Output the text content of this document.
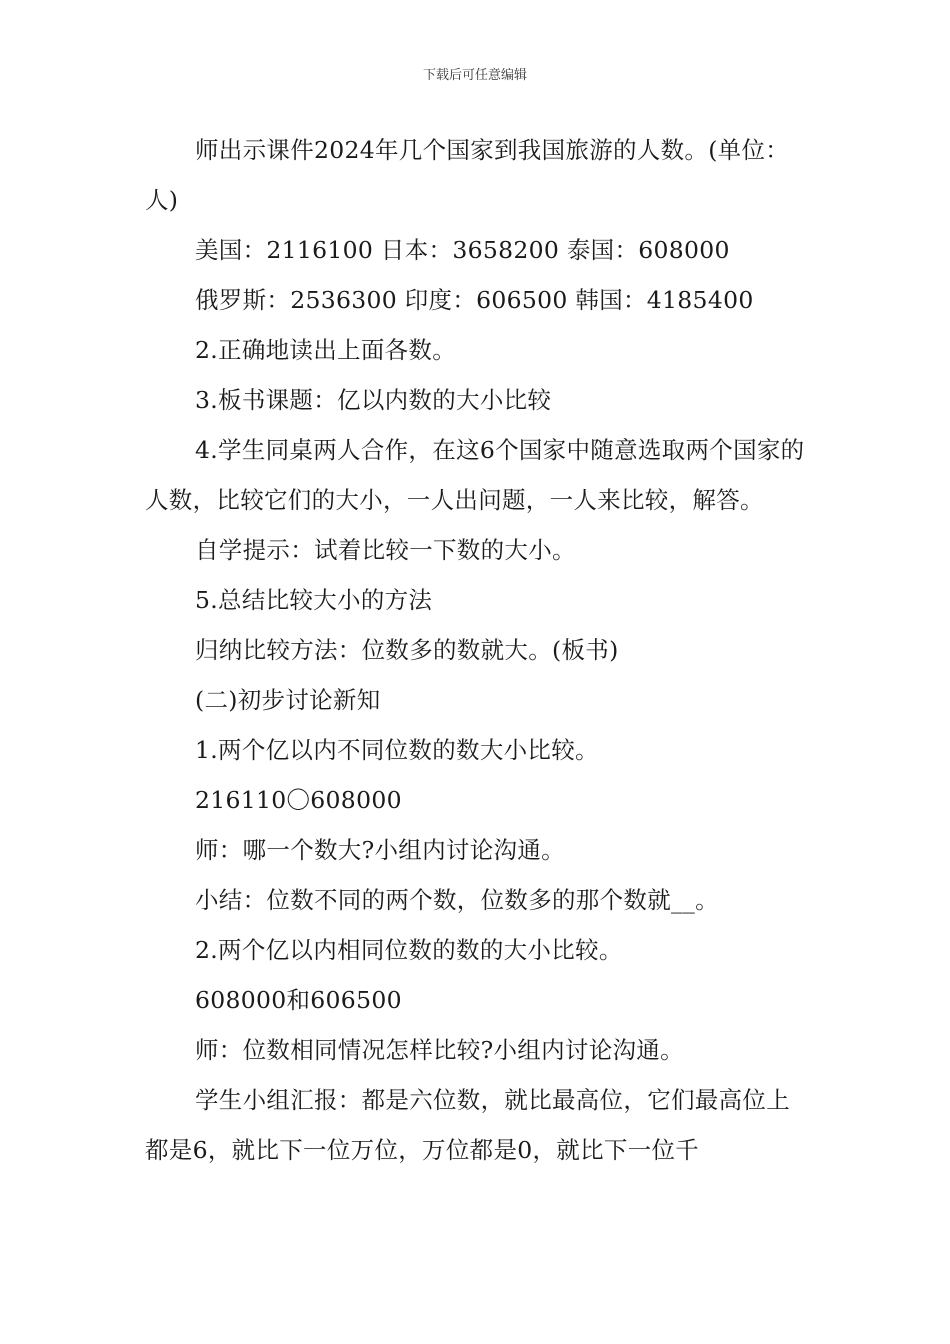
下载后可任意编辑

师出示课件2024年几个国家到我国旅游的人数。(单位：人)

美国：2116100 日本：3658200 泰国：608000

俄罗斯：2536300 印度：606500 韩国：4185400

2.正确地读出上面各数。

3.板书课题：亿以内数的大小比较

4.学生同桌两人合作，在这6个国家中随意选取两个国家的人数，比较它们的大小，一人出问题，一人来比较，解答。

自学提示：试着比较一下数的大小。

5.总结比较大小的方法

归纳比较方法：位数多的数就大。(板书)

(二)初步讨论新知

1.两个亿以内不同位数的数大小比较。

216110〇608000

师：哪一个数大?小组内讨论沟通。

小结：位数不同的两个数，位数多的那个数就__。

2.两个亿以内相同位数的数的大小比较。

608000和606500

师：位数相同情况怎样比较?小组内讨论沟通。

学生小组汇报：都是六位数，就比最高位，它们最高位上都是6，就比下一位万位，万位都是0，就比下一位千
